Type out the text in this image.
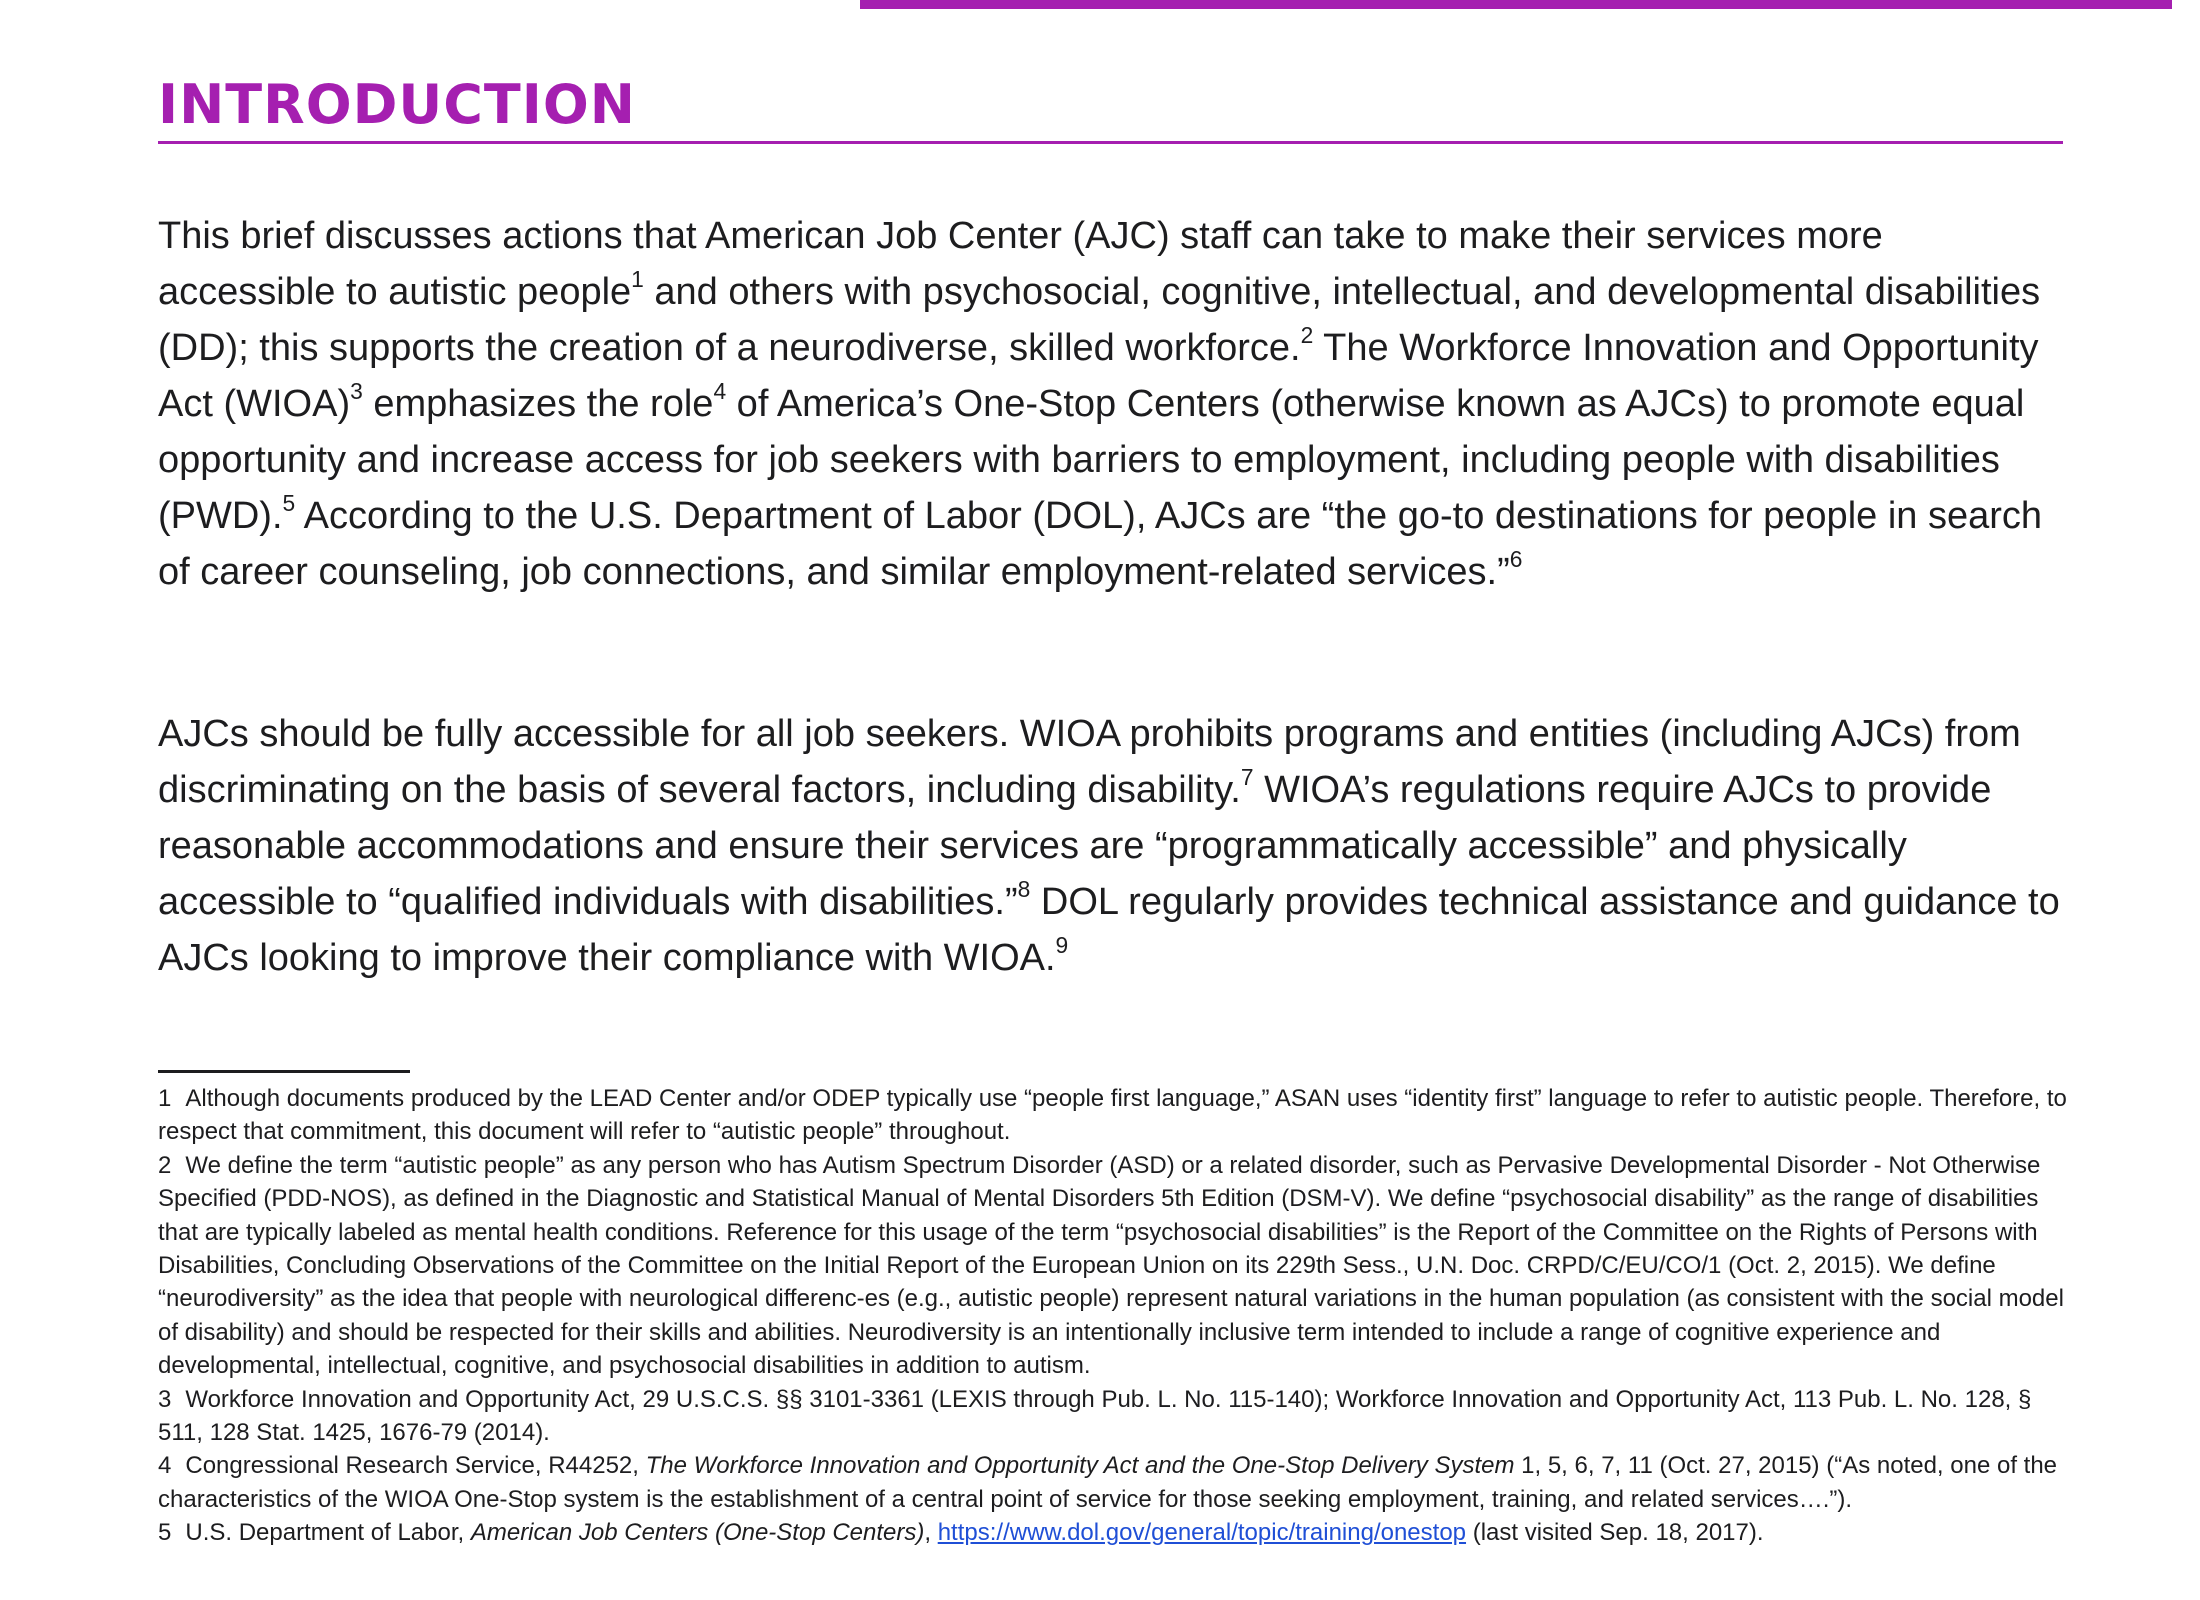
INTRODUCTION

This brief discusses actions that American Job Center (AJC) staff can take to make their services more accessible to autistic people$^1$ and others with psychosocial, cognitive, intellectual, and developmental disabilities (DD); this supports the creation of a neurodiverse, skilled workforce.$^2$ The Workforce Innovation and Opportunity Act (WIOA)$^3$ emphasizes the role$^4$ of America’s One-Stop Centers (otherwise known as AJCs) to promote equal opportunity and increase access for job seekers with barriers to employment, including people with disabilities (PWD).$^5$ According to the U.S. Department of Labor (DOL), AJCs are “the go-to destinations for people in search of career counseling, job connections, and similar employment-related services.”$^6$

AJCs should be fully accessible for all job seekers. WIOA prohibits programs and entities (including AJCs) from discriminating on the basis of several factors, including disability.$^7$ WIOA’s regulations require AJCs to provide reasonable accommodations and ensure their services are “programmatically accessible” and physically accessible to “qualified individuals with disabilities.”$^8$ DOL regularly provides technical assistance and guidance to AJCs looking to improve their compliance with WIOA.$^9$

1 Although documents produced by the LEAD Center and/or ODEP typically use “people first language,” ASAN uses “identity first” language to refer to autistic people. Therefore, to respect that commitment, this document will refer to “autistic people” throughout.

2 We define the term “autistic people” as any person who has Autism Spectrum Disorder (ASD) or a related disorder, such as Pervasive Developmental Disorder - Not Otherwise Specified (PDD-NOS), as defined in the Diagnostic and Statistical Manual of Mental Disorders 5th Edition (DSM-V). We define “psychosocial disability” as the range of disabilities that are typically labeled as mental health conditions. Reference for this usage of the term “psychosocial disabilities” is the Report of the Committee on the Rights of Persons with Disabilities, Concluding Observations of the Committee on the Initial Report of the European Union on its 229th Sess., U.N. Doc. CRPD/C/EU/CO/1 (Oct. 2, 2015). We define “neurodiversity” as the idea that people with neurological differenc-es (e.g., autistic people) represent natural variations in the human population (as consistent with the social model of disability) and should be respected for their skills and abilities. Neurodiversity is an intentionally inclusive term intended to include a range of cognitive experience and developmental, intellectual, cognitive, and psychosocial disabilities in addition to autism.

3 Workforce Innovation and Opportunity Act, 29 U.S.C.S. §§ 3101-3361 (LEXIS through Pub. L. No. 115-140); Workforce Innovation and Opportunity Act, 113 Pub. L. No. 128, § 511, 128 Stat. 1425, 1676-79 (2014).

4 Congressional Research Service, R44252, The Workforce Innovation and Opportunity Act and the One-Stop Delivery System 1, 5, 6, 7, 11 (Oct. 27, 2015) (“As noted, one of the characteristics of the WIOA One-Stop system is the establishment of a central point of service for those seeking employment, training, and related services….”).

5 U.S. Department of Labor, American Job Centers (One-Stop Centers), https://www.dol.gov/general/topic/training/onestop (last visited Sep. 18, 2017).
